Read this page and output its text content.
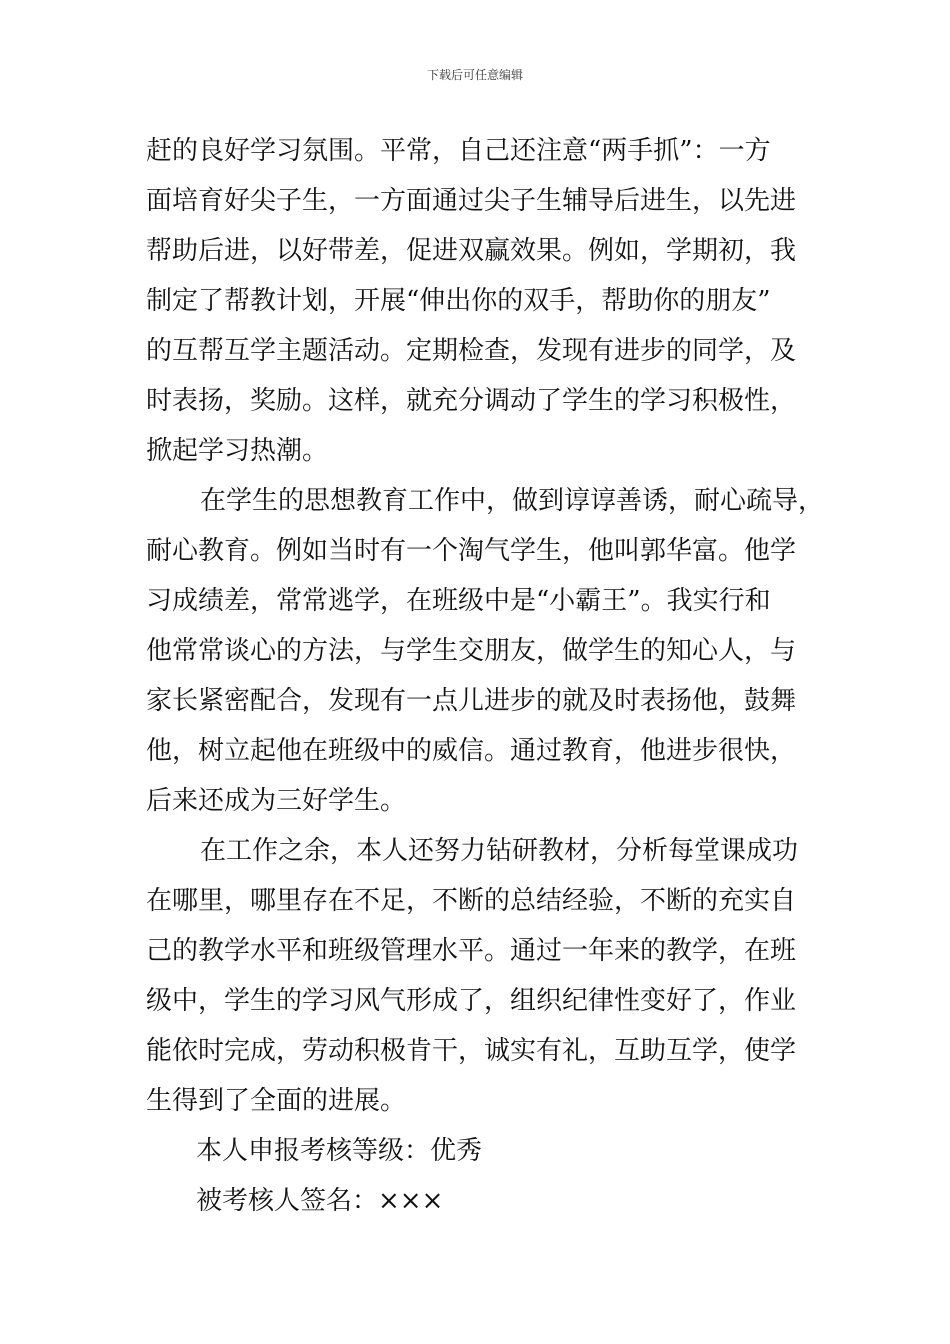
下载后可任意编辑
赶的良好学习氛围。平常，自己还注意“两手抓”：一方
面培育好尖子生，一方面通过尖子生辅导后进生，以先进
帮助后进，以好带差，促进双赢效果。例如，学期初，我
制定了帮教计划，开展“伸出你的双手，帮助你的朋友”
的互帮互学主题活动。定期检查，发现有进步的同学，及
时表扬，奖励。这样，就充分调动了学生的学习积极性，
掀起学习热潮。
在学生的思想教育工作中，做到谆谆善诱，耐心疏导，
耐心教育。例如当时有一个淘气学生，他叫郭华富。他学
习成绩差，常常逃学，在班级中是“小霸王”。我实行和
他常常谈心的方法，与学生交朋友，做学生的知心人，与
家长紧密配合，发现有一点儿进步的就及时表扬他，鼓舞
他，树立起他在班级中的威信。通过教育，他进步很快，
后来还成为三好学生。
在工作之余，本人还努力钻研教材，分析每堂课成功
在哪里，哪里存在不足，不断的总结经验，不断的充实自
己的教学水平和班级管理水平。通过一年来的教学，在班
级中，学生的学习风气形成了，组织纪律性变好了，作业
能依时完成，劳动积极肯干，诚实有礼，互助互学，使学
生得到了全面的进展。
本人申报考核等级：优秀
被考核人签名：×××
